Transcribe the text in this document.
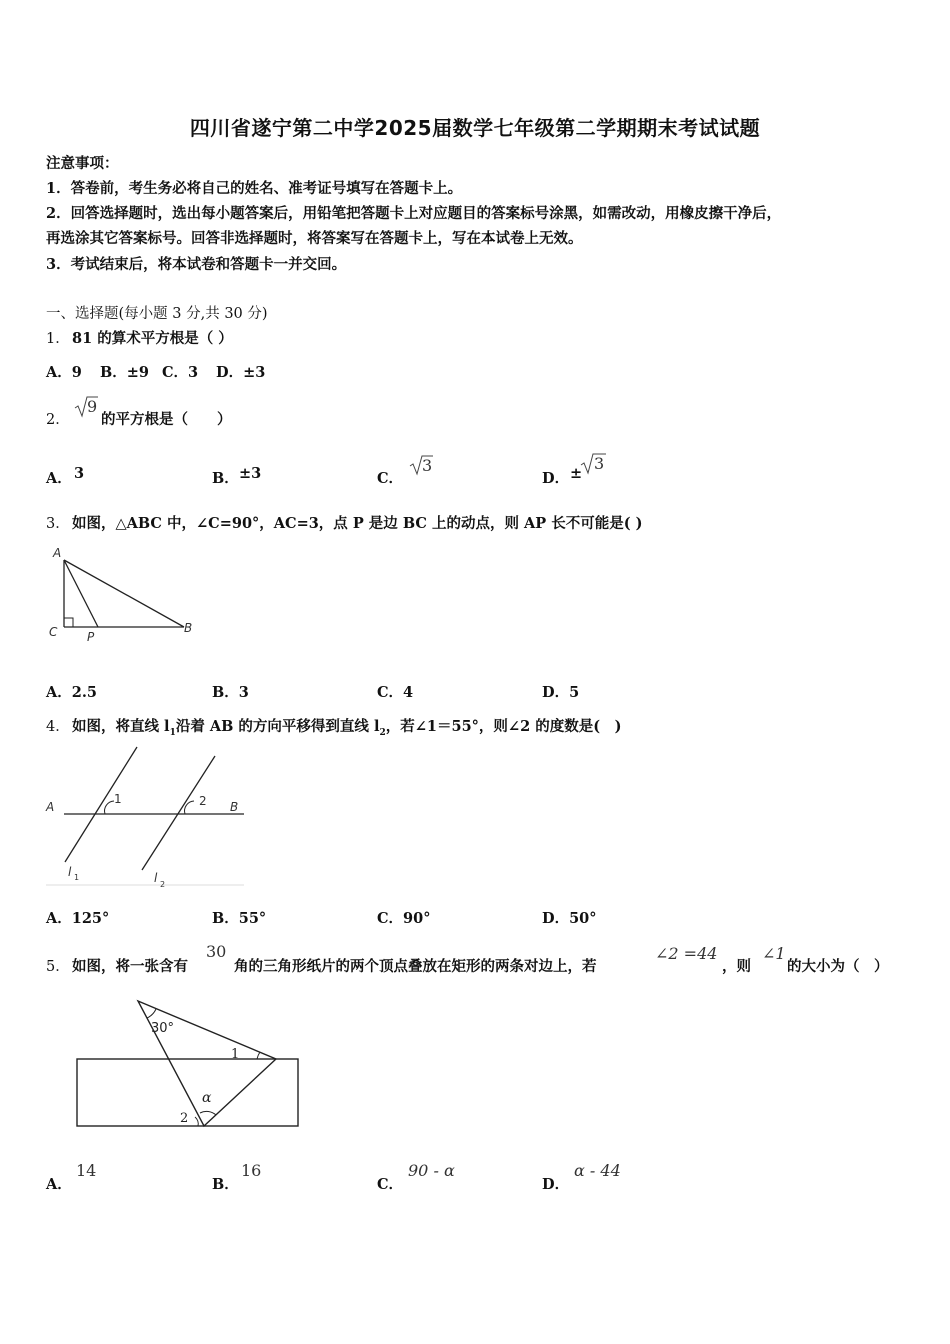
四川省遂宁第二中学2025届数学七年级第二学期期末考试试题
注意事项：
1．答卷前，考生务必将自己的姓名、准考证号填写在答题卡上。
2．回答选择题时，选出每小题答案后，用铅笔把答题卡上对应题目的答案标号涂黑，如需改动，用橡皮擦干净后，
再选涂其它答案标号。回答非选择题时，将答案写在答题卡上，写在本试卷上无效。
3．考试结束后，将本试卷和答题卡一并交回。
一、选择题(每小题 3 分,共 30 分)
1． 81 的算术平方根是（ ）
A．9 B．±9 C．3 D．±3
2．
9
的平方根是（　　）
A． 3	B． ±3	C．
3
D． ±
3
3． 如图，△ABC 中，∠C=90°，AC=3，点 P 是边 BC 上的动点，则 AP 长不可能是( )
A
C P
B
A．2.5	B．3	C．4	D．5
4． 如图，将直线 $l_1$沿着 AB 的方向平移得到直线 $l_2$，若∠1＝55°，则∠2 的度数是(　)
A	B
1	2
l 1	l 2
A．125°	B．55°	C．90°	D．50°
5． 如图，将一张含有
30
角的三角形纸片的两个顶点叠放在矩形的两条对边上，若
∠2 =44
，则
∠1
的大小为（　）
30°
1
2
α
A．
14
B．
16
C．
90 - α
D．
α - 44
